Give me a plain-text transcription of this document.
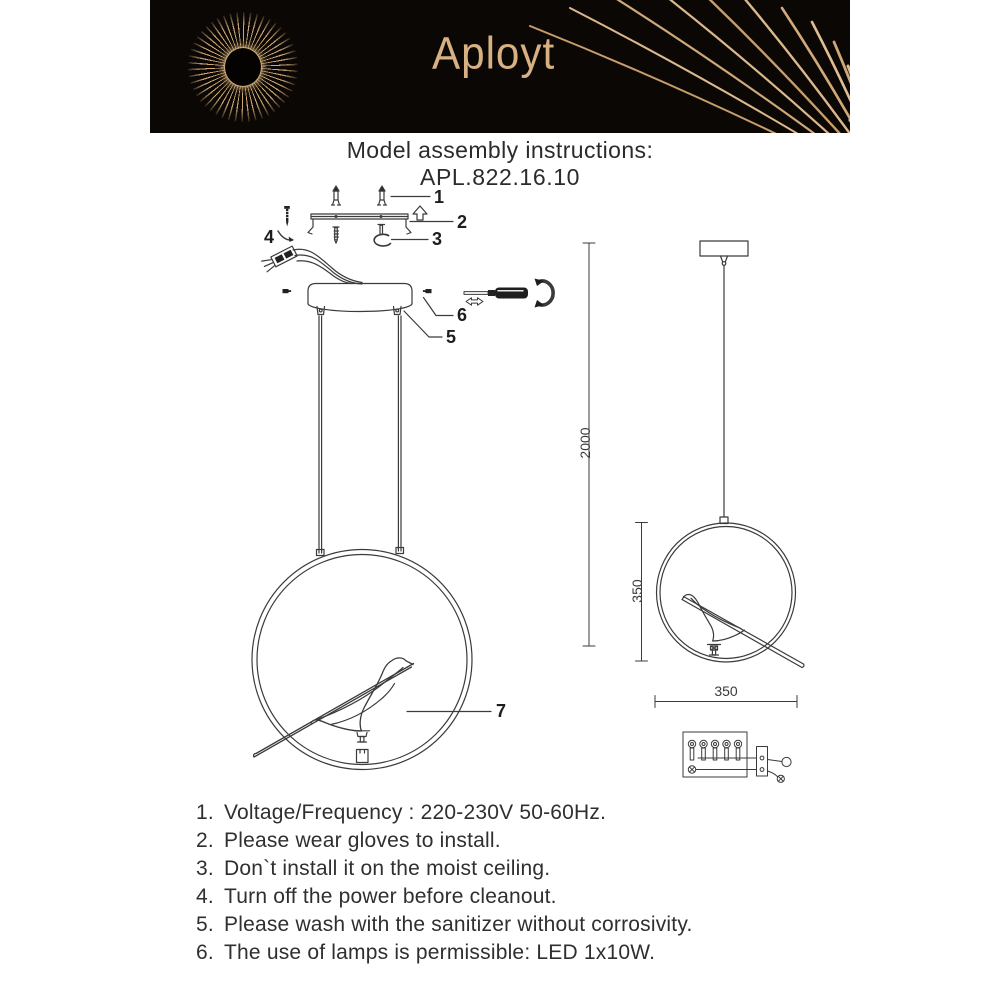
Aployt
Model assembly instructions:
APL.822.16.10
1
2
3
4
5
6
7
2000
350
350
1. Voltage/Frequency : 220-230V 50-60Hz.
2. Please wear gloves to install.
3. Don`t install it on the moist ceiling.
4. Turn off the power before cleanout.
5. Please wash with the sanitizer without corrosivity.
6. The use of lamps is permissible: LED 1x10W.
